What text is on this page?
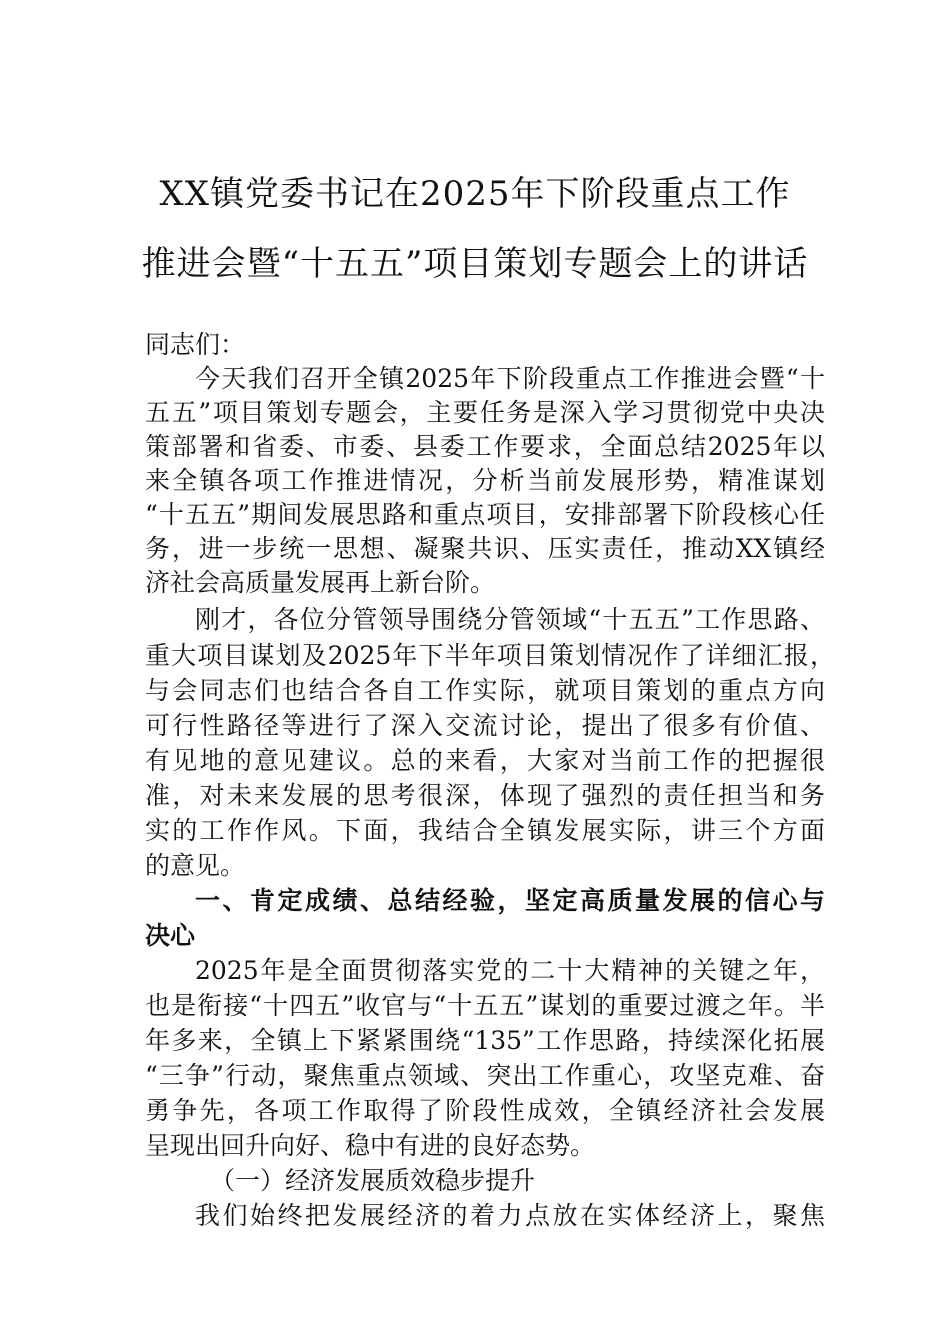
XX镇党委书记在2025年下阶段重点工作
推进会暨“十五五”项目策划专题会上的讲话
同志们：
今天我们召开全镇2025年下阶段重点工作推进会暨“十
五五”项目策划专题会，主要任务是深入学习贯彻党中央决
策部署和省委、市委、县委工作要求，全面总结2025年以
来全镇各项工作推进情况，分析当前发展形势，精准谋划
“十五五”期间发展思路和重点项目，安排部署下阶段核心任
务，进一步统一思想、凝聚共识、压实责任，推动XX镇经
济社会高质量发展再上新台阶。
刚才，各位分管领导围绕分管领域“十五五”工作思路、
重大项目谋划及2025年下半年项目策划情况作了详细汇报，
与会同志们也结合各自工作实际，就项目策划的重点方向
可行性路径等进行了深入交流讨论，提出了很多有价值、
有见地的意见建议。总的来看，大家对当前工作的把握很
准，对未来发展的思考很深，体现了强烈的责任担当和务
实的工作作风。下面，我结合全镇发展实际，讲三个方面
的意见。
一、肯定成绩、总结经验，坚定高质量发展的信心与
决心
2025年是全面贯彻落实党的二十大精神的关键之年，
也是衔接“十四五”收官与“十五五”谋划的重要过渡之年。半
年多来，全镇上下紧紧围绕“135”工作思路，持续深化拓展
“三争”行动，聚焦重点领域、突出工作重心，攻坚克难、奋
勇争先，各项工作取得了阶段性成效，全镇经济社会发展
呈现出回升向好、稳中有进的良好态势。
（一）经济发展质效稳步提升
我们始终把发展经济的着力点放在实体经济上，聚焦
